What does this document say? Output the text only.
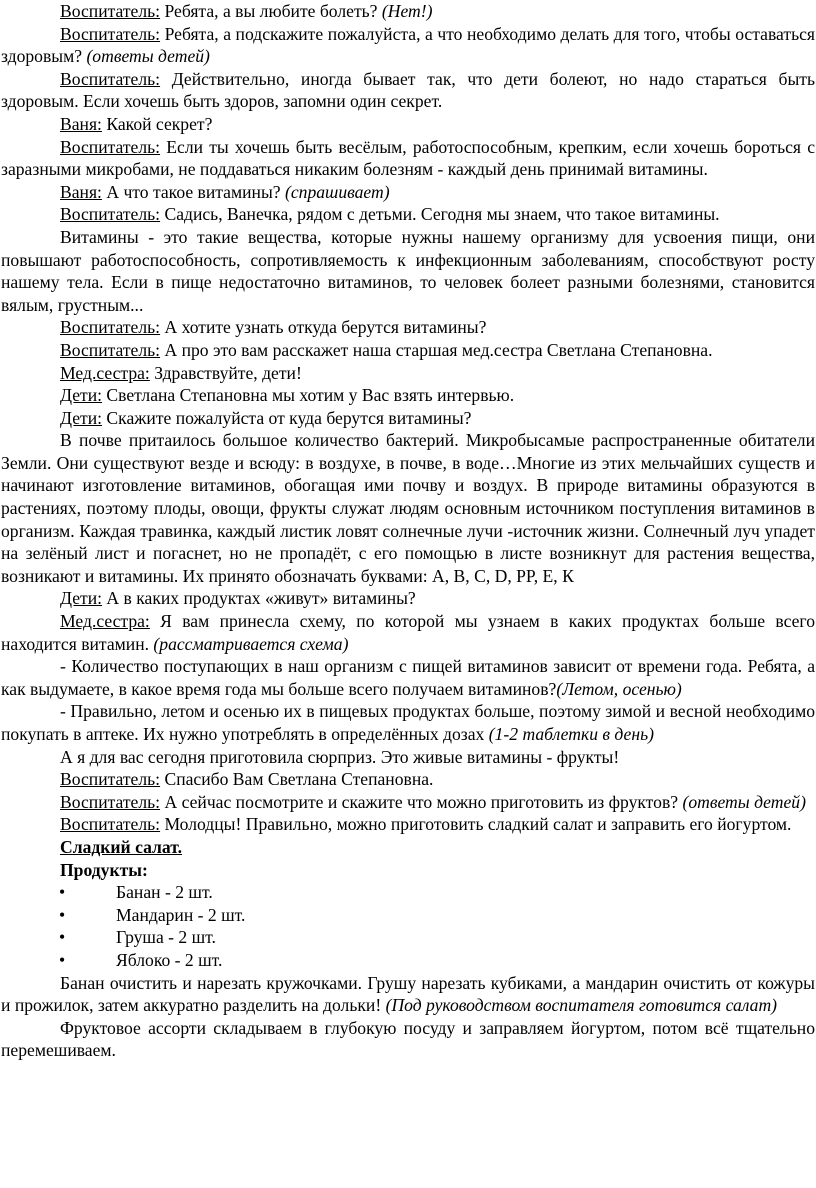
Воспитатель: Ребята, а вы любите болеть? (Нет!)

Воспитатель: Ребята, а подскажите пожалуйста, а что необходимо делать для того, чтобы оставаться здоровым? (ответы детей)

Воспитатель: Действительно, иногда бывает так, что дети болеют, но надо стараться быть здоровым. Если хочешь быть здоров, запомни один секрет.

Ваня: Какой секрет?

Воспитатель: Если ты хочешь быть весёлым, работоспособным, крепким, если хочешь бороться с заразными микробами, не поддаваться никаким болезням - каждый день принимай витамины.

Ваня: А что такое витамины? (спрашивает)

Воспитатель: Садись, Ванечка, рядом с детьми. Сегодня мы знаем, что такое витамины.

Витамины - это такие вещества, которые нужны нашему организму для усвоения пищи, они повышают работоспособность, сопротивляемость к инфекционным заболеваниям, способствуют росту нашему тела. Если в пище недостаточно витаминов, то человек болеет разными болезнями, становится вялым, грустным...

Воспитатель: А хотите узнать откуда берутся витамины?

Воспитатель: А про это вам расскажет наша старшая мед.сестра Светлана Степановна.

Мед.сестра: Здравствуйте, дети!

Дети: Светлана Степановна мы хотим у Вас взять интервью.

Дети: Скажите пожалуйста от куда берутся витамины?

В почве притаилось большое количество бактерий. Микробысамые распространенные обитатели Земли. Они существуют везде и всюду: в воздухе, в почве, в воде…Многие из этих мельчайших существ и начинают изготовление витаминов, обогащая ими почву и воздух. В природе витамины образуются в растениях, поэтому плоды, овощи, фрукты служат людям основным источником поступления витаминов в организм. Каждая травинка, каждый листик ловят солнечные лучи -источник жизни. Солнечный луч упадет на зелёный лист и погаснет, но не пропадёт, с его помощью в листе возникнут для растения вещества, возникают и витамины. Их принято обозначать буквами: А, В, С, D, PP, Е, К

Дети: А в каких продуктах «живут» витамины?

Мед.сестра: Я вам принесла схему, по которой мы узнаем в каких продуктах больше всего находится витамин. (рассматривается схема)

- Количество поступающих в наш организм с пищей витаминов зависит от времени года. Ребята, а как выдумаете, в какое время года мы больше всего получаем витаминов?(Летом, осенью)

- Правильно, летом и осенью их в пищевых продуктах больше, поэтому зимой и весной необходимо покупать в аптеке. Их нужно употреблять в определённых дозах (1-2 таблетки в день)

А я для вас сегодня приготовила сюрприз. Это живые витамины - фрукты!

Воспитатель: Спасибо Вам Светлана Степановна.

Воспитатель: А сейчас посмотрите и скажите что можно приготовить из фруктов? (ответы детей)

Воспитатель: Молодцы! Правильно, можно приготовить сладкий салат и заправить его йогуртом.

Сладкий салат.

Продукты:

•	Банан - 2 шт.
•	Мандарин - 2 шт.
•	Груша - 2 шт.
•	Яблоко - 2 шт.

Банан очистить и нарезать кружочками. Грушу нарезать кубиками, а мандарин очистить от кожуры и прожилок, затем аккуратно разделить на дольки! (Под руководством воспитателя готовится салат)

Фруктовое ассорти складываем в глубокую посуду и заправляем йогуртом, потом всё тщательно перемешиваем.
